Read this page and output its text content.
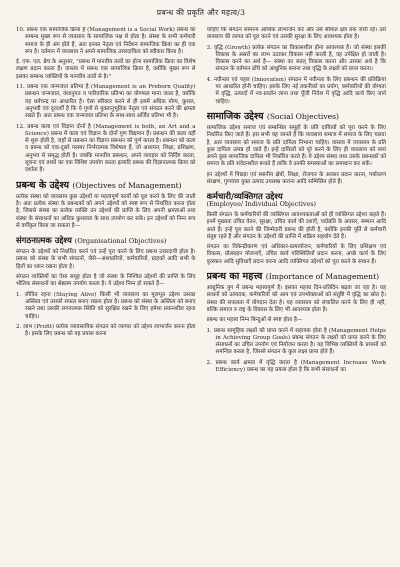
प्रबन्ध की प्रकृति और महत्व/3

10. प्रबन्ध एक सामाजिक क्रिया है (Management is a Social Work) प्रबन्ध का सम्बन्ध मुख्य रूप से व्यवसाय के सामाजिक पक्ष से होता है। संस्था के सभी कर्मचारी समाज के ही अंग होते हैं, अतः इनका नेतृत्व एवं निर्देशन सामाजिक क्रिया का ही एक रूप है। वर्तमान में व्यवसाय ने अपने सामाजिक उत्तरदायित्व को स्वीकार किया है।

ई. एफ. एल. ब्रेच के अनुसार, "प्रबन्ध में मानवीय तत्वों का होना सामाजिक क्रिया का विशेष लक्षण प्रदान करता है। वास्तव में प्रबन्ध एक सामाजिक क्रिया है, क्योंकि मुख्य रूप से इसका सम्बन्ध व्यक्तियों के मानवीय तत्वों से है।"

11. प्रबन्ध एक जन्मजात प्रतिभा है (Management is an Preborn Quality) प्रबन्धन जन्मजात, वंशानुगत व पारिवारिक प्रतिभा का योगफल माना जाता है, क्योंकि यह धर्मचन्द्र पर आधारित है। ऐसा स्वीकार करने से ही इसमें अधिक योग्य, कुशल, अनुभवी एवं दूरदर्शी है कि ये गुणों से युक्तानुभूतिक नेतृत्व एवं संगठन करने की क्षमता रखते हैं। अतः प्रबन्ध एक जन्मजात प्रतिभा के साथ-साथ अर्जित प्रतिभा भी है।

12. प्रबन्ध कला एवं विज्ञान दोनों है (Management is both, an Art and a Science) प्रबन्ध में कला एवं विज्ञान के दोनों गुण विद्यमान हैं। प्रबन्धन की कला वहीं से शुरू होती है, जहाँ से प्रबन्धन का विज्ञान प्रबन्धन को पूर्ण करता है। प्रबन्धन को कला व प्रबन्ध को एक-दूसरे परस्पर निर्भरात्मक विशेषता हैं, जो अध्ययन, शिक्षा, प्रशिक्षण, अनुभव से समृद्ध होती है। जबकि मानवीय प्रबन्धन, अपने व्यवहार को निर्दिष्ट करता, सूचना एवं तथ्यों का एक विशिष्ट उपयोग करता इत्यादि प्रबन्ध की विज्ञानात्मक क्रिया को दर्शाता है।

प्रबन्ध के उद्देश्य (Objectives of Management)

प्रत्येक संस्था को व्यवसाय कुछ उद्देश्यों या महत्वपूर्ण कार्यों को पूरा करने के लिए की जाती है। अतः प्रत्येक संस्था के प्रबन्धकों को अपने उद्देश्यों को स्पष्ट रूप से निर्धारित करना होता है, जिससे संस्था का प्रत्येक व्यक्ति उन उद्देश्यों की प्राप्ति के लिए अपनी क्षमताओं तथा संस्था के संसाधनों का अधिक कुशलता के साथ उपयोग कर सकें। इन उद्देश्यों को निम्न रूप से वर्गीकृत किया जा सकता है—

संगठनात्मक उद्देश्य (Organisational Objectives)

संगठन के उद्देश्यों को निर्धारित करने एवं उन्हें पूरा करने के लिए प्रबन्ध उत्तरदायी होता है। प्रबन्ध को संस्था के सभी संगठनों, जैसे—अंशधारियों, कर्मचारियों, ग्राहकों आदि सभी के हितों का ध्यान रखना होता है।

संगठन व्यक्तियों का ऐसा समूह होता है जो संस्था के निश्चित उद्देश्यों की प्राप्ति के लिए भौतिक संसाधनों का श्रेष्ठतम उपयोग करता है। ये उद्देश्य निम्न हो सकते हैं—

1. जीवित रहना (Staying Alive) किसी भी व्यवसाय का मूलभूत उद्देश्य उसका अस्तित्व एवं उसको सफल बनाए रखना होता है। प्रबन्ध को संस्था के अस्तित्व को बनाए रखने तथा उसकी लगनात्मक स्थिति को सुरक्षित रखने के लिए हमेशा प्रयत्नशील रहना चाहिए।

2. लाभ (Profit) प्रत्येक व्यावसायिक संगठन को व्यापार को उद्देश्य लाभार्जन करना होता है। इसके लिए प्रबन्ध को यह प्रयास करना

चाहिए कि संगठन सामान्य आर्थिक लाभार्जन करे और उसे सीमांत क्षेत्र तक जारी रहे। उसे व्यवसाय की लागत को पूरा करने एवं उसकी सुरक्षा के लिए आवश्यक होता है।

3. वृद्धि (Growth) प्रत्येक संगठन का विकासशील होना आवश्यक है। जो संस्था इसकी विकास के असरों का लाभ उठाकर विकास नहीं करती है, वह उपेक्षित हो जाती है। विकास करने का अर्थ है— संस्था का सतत् विकास करना और उसका अर्थ है कि संगठन के वर्तमान ढाँचे को आधुनिक बनाना तथा वृद्धि के लक्ष्यों को प्राप्त करना।

4. नवीनता एवं पहल (Innovation) संगठन में नवीनता के लिए प्रबन्धन की प्रतिक्रिया पर आधारित होनी चाहिए। इसके लिए नई तकनीकों का प्रयोग, कर्मचारियों की योग्यता में वृद्धि, उत्पादों में नव-प्रवर्तन लाना तथा पूँजी निवेश में वृद्धि आदि कार्य किए जाने चाहिए।

सामाजिक उद्देश्य (Social Objectives)

सामाजिक उद्देश्य समाज एवं सम्बन्धित समूहों के प्रति दायित्वों को पूरा करने के लिए निर्धारित किए जाते हैं। इस सभी यह जानते हैं कि व्यवसाय समाज में समाज के लिए चलता है, अतः व्यवसाय को समाज के प्रति दायित्व निभाना चाहिए। वास्तव में व्यवसाय के प्रति कुछ दायित्व उत्पन्न हो जाते हैं। इन्हें दायित्वों को पूरे करने के लिए ही व्यवसाय को स्वयं अपने कुछ सामाजिक दायित्व भी निर्धारित करते हैं। ये उद्देश्य संस्था तथा उसके प्रबन्धकों को समाज के प्रति संवेदनशील बनाते हैं ताकि वे उनकी समस्याओं का समाधान कर सकें।

इन उद्देश्यों में पिछड़ा एवं स्थानीय क्षेत्रों, शिक्षा, रोजगार के अवसर प्रदान करना, पर्यावरण संरक्षण, गुणवत्ता युक्त उत्पाद उपलब्ध कराना आदि सम्मिलित होते हैं।

कर्मचारी/व्यक्तिगत उद्देश्य
(Employee/ Individual Objectives)

किसी संगठन के कर्मचारियों की व्यक्तिगत आवश्यकताओं को ही व्यक्तिगत उद्देश्य कहते हैं। इनमें मुख्यतः उचित वेतन, सुरक्षा, उचित कार्य की दशाएँ, पदोन्नति के अवसर, सम्मान आदि आते हैं। इन्हें पूरा करने की जिम्मेदारी प्रबन्ध की होती है, क्योंकि इनकी पूर्ति से कर्मचारी संतुष्ट रहते हैं और संगठन के उद्देश्यों की प्राप्ति में सक्रिय सहयोग देते हैं।

संगठन का विकेन्द्रीकरण एवं अधिकार-प्रत्यायोजन, कर्मचारियों के लिए प्रशिक्षण एवं विकास, प्रोत्साहन योजनाएँ, उचित कार्य परिस्थितियाँ प्रदान करना, अच्छे कार्य के लिए पुरस्कार आदि सुविधाएँ प्रदान करना आदि व्यक्तिगत उद्देश्यों को पूरा करने के साधन हैं।

प्रबन्ध का महत्त्व (Importance of Management)

आधुनिक युग में प्रबन्ध महत्त्वपूर्ण है। इसका महत्त्व दिन-प्रतिदिन बढ़ता जा रहा है। यह साधनों को उत्पादक, कर्मचारियों को आय एवं उपभोक्ताओं को संतुष्टि में वृद्धि का स्रोत है। संस्था की सफलता में योगदान देता है। यह व्यवसाय को संचालित करने के लिए ही नहीं, बल्कि समाज व राष्ट्र के विकास के लिए भी आवश्यक होता है।

प्रबन्ध का महत्त्व निम्न बिन्दुओं से स्पष्ट होता है—

1. प्रबन्ध सामूहिक लक्ष्यों को प्राप्त करने में सहायक होता है (Management Helps in Achieving Group Goals) प्रबन्ध संगठन के लक्ष्यों को प्राप्त करने के लिए संसाधनों का उचित उपयोग एवं नियोजन करता है। यह विभिन्न व्यक्तियों के प्रयासों को समन्वित करता है, जिससे संगठन के कुल लक्ष्य प्राप्त होते हैं।

2. प्रबन्ध कार्य क्षमता में वृद्धि करता है (Management Increase Work Efficiency) प्रबन्ध का यह प्रयास होता है कि सभी संसाधनों का
